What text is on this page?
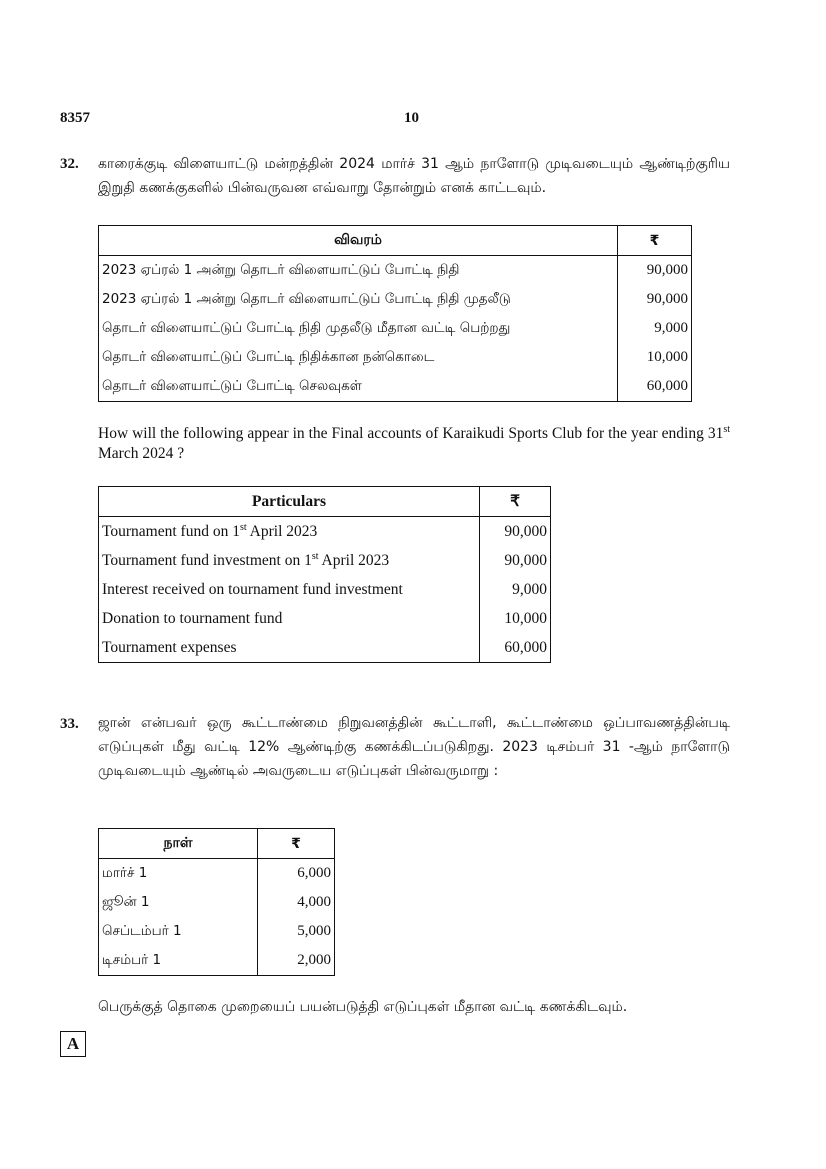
8357	10
32. காரைக்குடி விளையாட்டு மன்றத்தின் 2024 மார்ச் 31 ஆம் நாளோடு முடிவடையும் ஆண்டிற்குரிய இறுதி கணக்குகளில் பின்வருவன எவ்வாறு தோன்றும் எனக் காட்டவும்.
விவரம்	₹
2023 ஏப்ரல் 1 அன்று தொடர் விளையாட்டுப் போட்டி நிதி	90,000
2023 ஏப்ரல் 1 அன்று தொடர் விளையாட்டுப் போட்டி நிதி முதலீடு	90,000
தொடர் விளையாட்டுப் போட்டி நிதி முதலீடு மீதான வட்டி பெற்றது	9,000
தொடர் விளையாட்டுப் போட்டி நிதிக்கான நன்கொடை	10,000
தொடர் விளையாட்டுப் போட்டி செலவுகள்	60,000
How will the following appear in the Final accounts of Karaikudi Sports Club for the year ending 31st March 2024 ?
Particulars	₹
Tournament fund on 1st April 2023	90,000
Tournament fund investment on 1st April 2023	90,000
Interest received on tournament fund investment	9,000
Donation to tournament fund	10,000
Tournament expenses	60,000
33. ஜான் என்பவர் ஒரு கூட்டாண்மை நிறுவனத்தின் கூட்டாளி, கூட்டாண்மை ஒப்பாவணத்தின்படி எடுப்புகள் மீது வட்டி 12% ஆண்டிற்கு கணக்கிடப்படுகிறது. 2023 டிசம்பர் 31 -ஆம் நாளோடு முடிவடையும் ஆண்டில் அவருடைய எடுப்புகள் பின்வருமாறு :
நாள்	₹
மார்ச் 1	6,000
ஜூன் 1	4,000
செப்டம்பர் 1	5,000
டிசம்பர் 1	2,000
பெருக்குத் தொகை முறையைப் பயன்படுத்தி எடுப்புகள் மீதான வட்டி கணக்கிடவும்.
A
